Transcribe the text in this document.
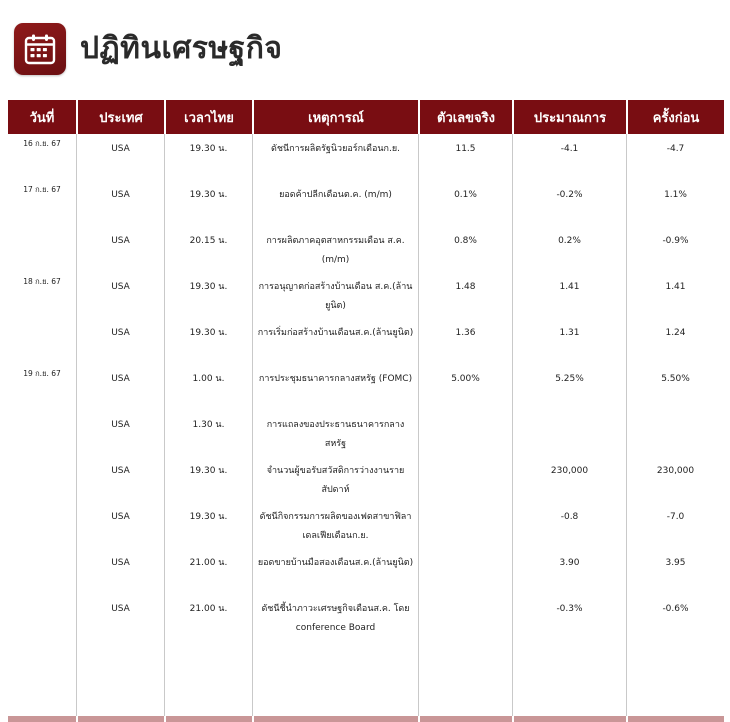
ปฏิทินเศรษฐกิจ
วันที่	ประเทศ	เวลาไทย	เหตุการณ์	ตัวเลขจริง	ประมาณการ	ครั้งก่อน
16 ก.ย. 67	USA	19.30 น.	ดัชนีการผลิตรัฐนิวยอร์กเดือนก.ย.	11.5	-4.1	-4.7
17 ก.ย. 67	USA	19.30 น.	ยอดค้าปลีกเดือนต.ค. (m/m)	0.1%	-0.2%	1.1%
	USA	20.15 น.	การผลิตภาคอุตสาหกรรมเดือน ส.ค.(m/m)	0.8%	0.2%	-0.9%
18 ก.ย. 67	USA	19.30 น.	การอนุญาตก่อสร้างบ้านเดือน ส.ค.(ล้านยูนิต)	1.48	1.41	1.41
	USA	19.30 น.	การเริ่มก่อสร้างบ้านเดือนส.ค.(ล้านยูนิต)	1.36	1.31	1.24
19 ก.ย. 67	USA	1.00 น.	การประชุมธนาคารกลางสหรัฐ (FOMC)	5.00%	5.25%	5.50%
	USA	1.30 น.	การแถลงของประธานธนาคารกลางสหรัฐ			
	USA	19.30 น.	จำนวนผู้ขอรับสวัสดิการว่างงานรายสัปดาห์		230,000	230,000
	USA	19.30 น.	ดัชนีกิจกรรมการผลิตของเฟดสาขาฟิลาเดลเฟียเดือนก.ย.		-0.8	-7.0
	USA	21.00 น.	ยอดขายบ้านมือสองเดือนส.ค.(ล้านยูนิต)		3.90	3.95
	USA	21.00 น.	ดัชนีชี้นำภาวะเศรษฐกิจเดือนส.ค. โดย conference Board		-0.3%	-0.6%
